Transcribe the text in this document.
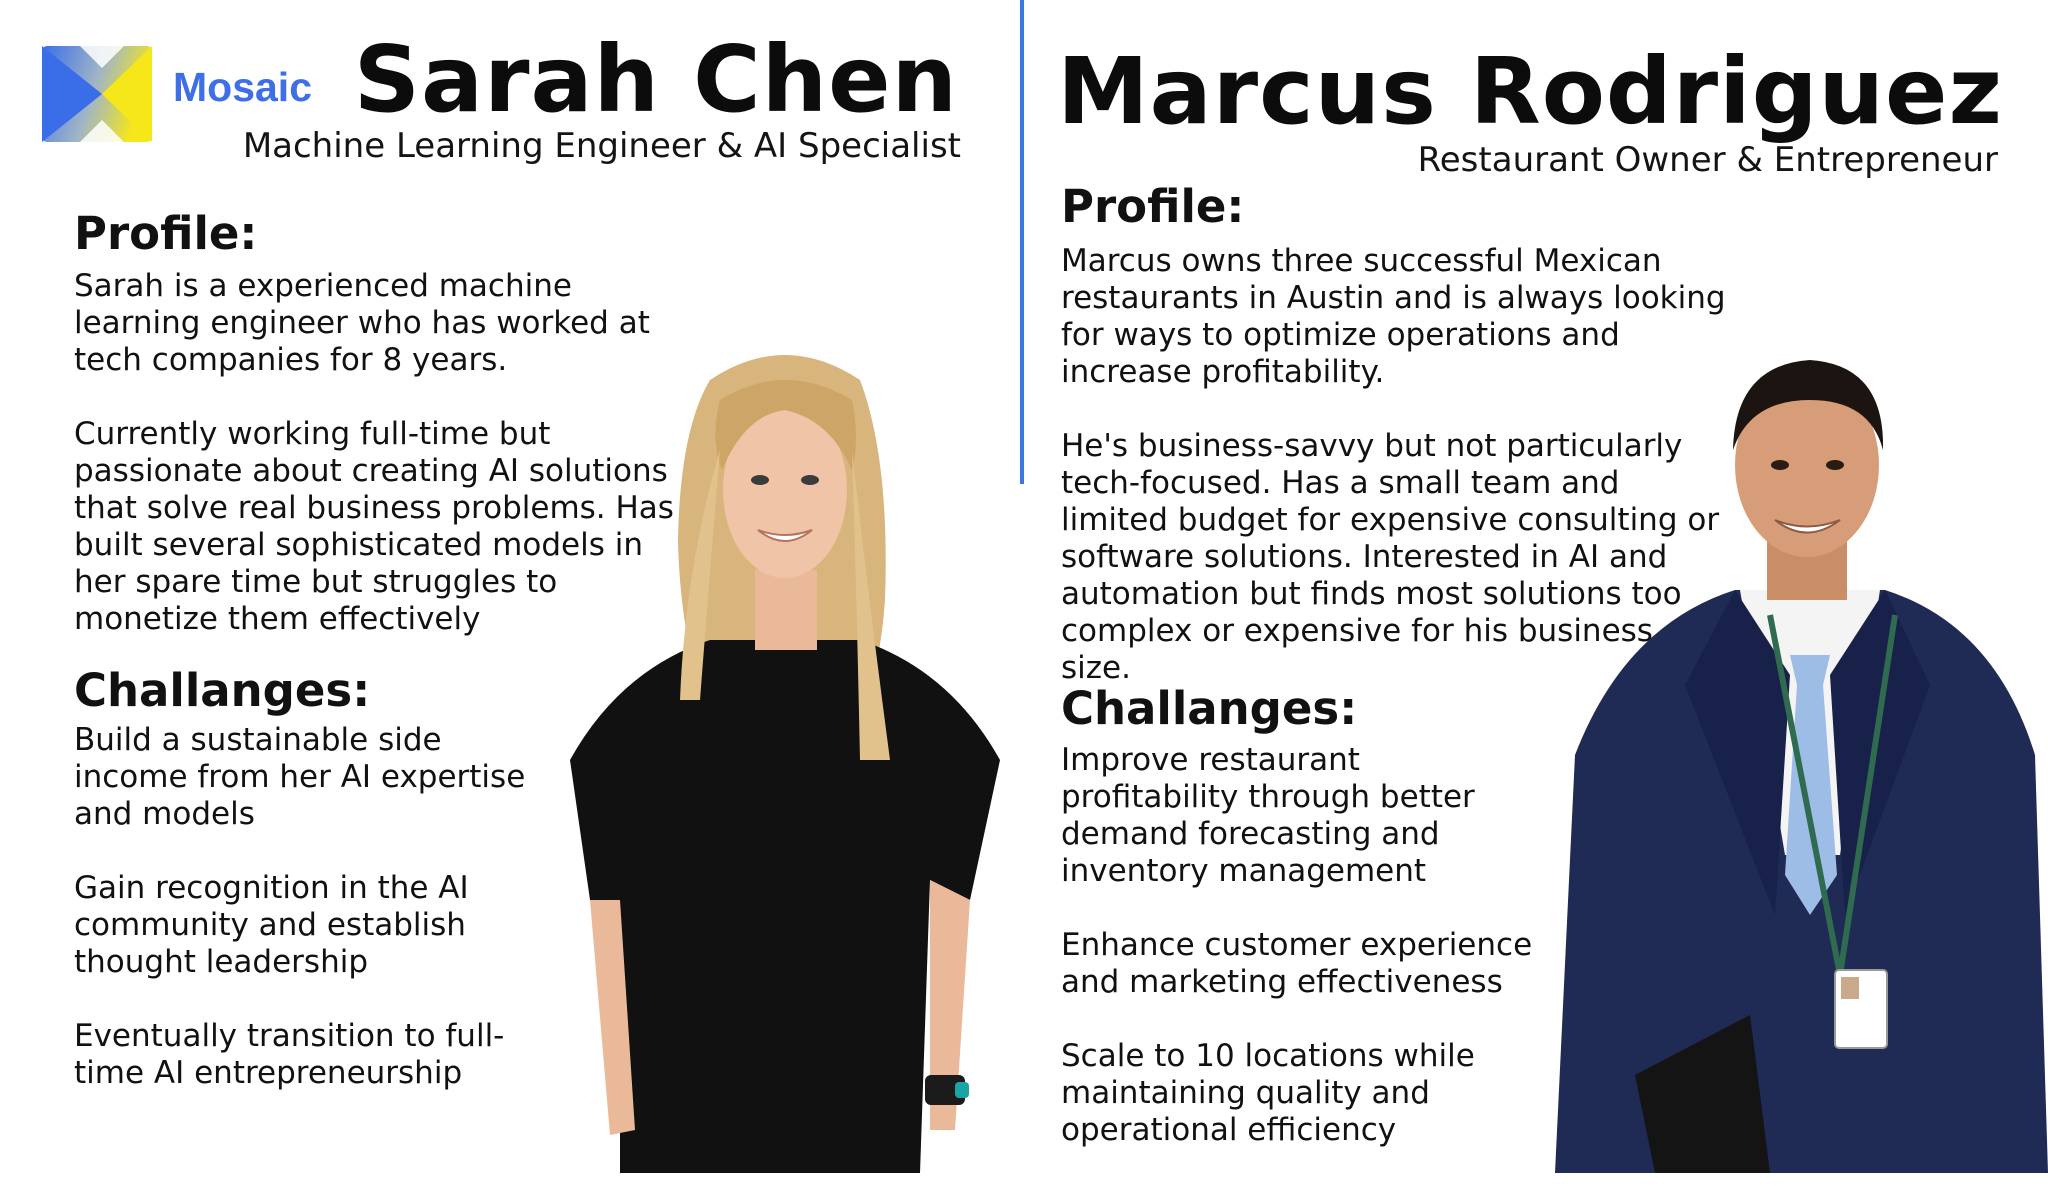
Mosaic Sarah Chen
Machine Learning Engineer & AI Specialist
Profile:

Sarah is a experienced machine learning engineer who has worked at tech companies for 8 years.

Currently working full-time but passionate about creating AI solutions that solve real business problems. Has built several sophisticated models in her spare time but struggles to monetize them effectively

Challanges:

Build a sustainable side income from her AI expertise and models

Gain recognition in the AI community and establish thought leadership

Eventually transition to full-time AI entrepreneurship

Marcus Rodriguez
Restaurant Owner & Entrepreneur
Profile:

Marcus owns three successful Mexican restaurants in Austin and is always looking for ways to optimize operations and increase profitability.

He's business-savvy but not particularly tech-focused. Has a small team and limited budget for expensive consulting or software solutions. Interested in AI and automation but finds most solutions too complex or expensive for his business size.

Challanges:

Improve restaurant profitability through better demand forecasting and inventory management

Enhance customer experience and marketing effectiveness

Scale to 10 locations while maintaining quality and operational efficiency
